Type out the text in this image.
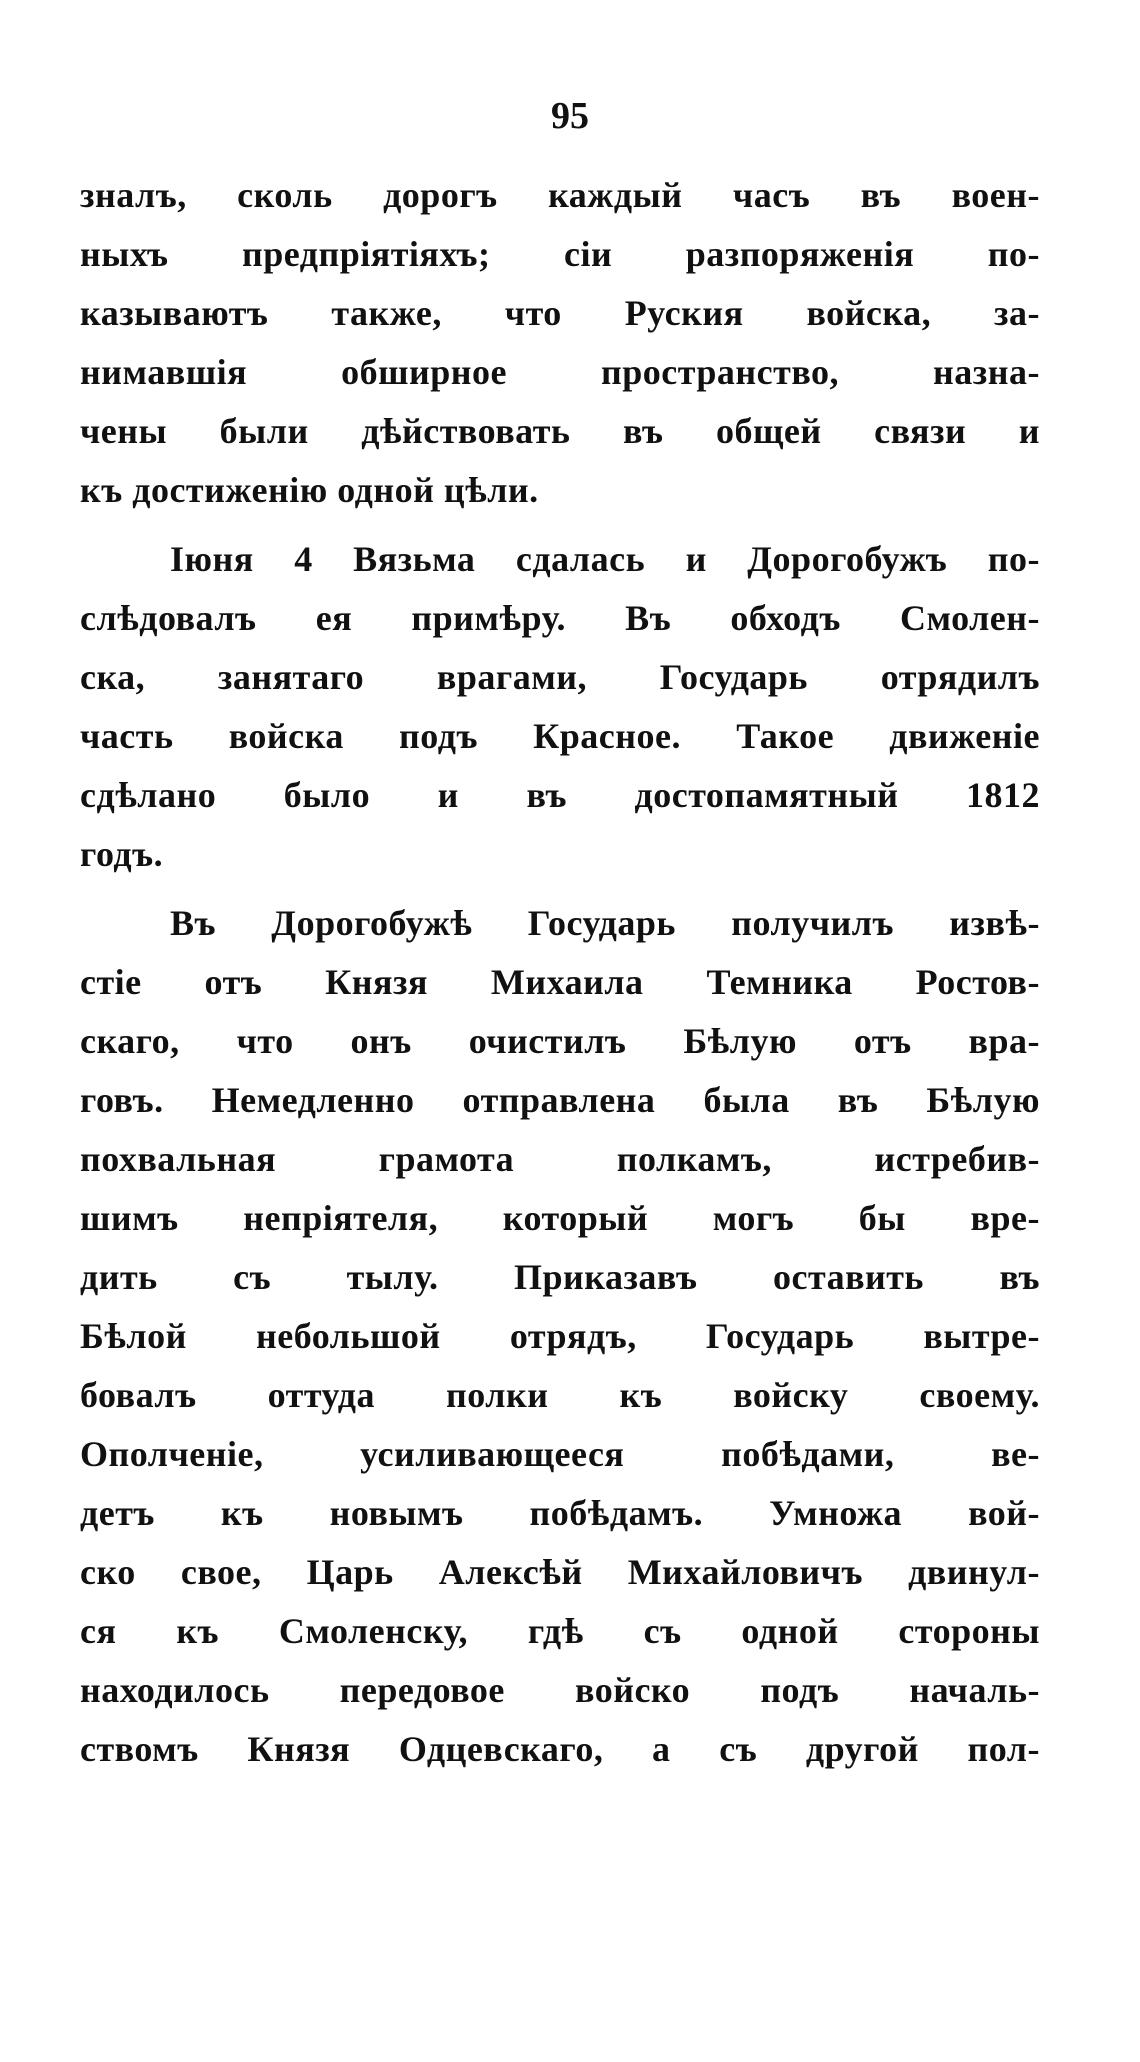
95
зналъ, сколь дорогъ каждый часъ въ воен-
ныхъ предпріятіяхъ; сіи разпоряженія по-
казываютъ также, что Руския войска, за-
нимавшія обширное пространство, назна-
чены были дѣйствовать въ общей связи и
къ достиженію одной цѣли.
Іюня 4 Вязьма сдалась и Дорогобужъ по-
слѣдовалъ ея примѣру. Въ обходъ Смолен-
ска, занятаго врагами, Государь отрядилъ
часть войска подъ Красное. Такое движеніе
сдѣлано было и въ достопамятный 1812
годъ.
Въ Дорогобужѣ Государь получилъ извѣ-
стіе отъ Князя Михаила Темника Ростов-
скаго, что онъ очистилъ Бѣлую отъ вра-
говъ. Немедленно отправлена была въ Бѣлую
похвальная грамота полкамъ, истребив-
шимъ непріятеля, который могъ бы вре-
дить съ тылу. Приказавъ оставить въ
Бѣлой небольшой отрядъ, Государь вытре-
бовалъ оттуда полки къ войску своему.
Ополченіе, усиливающееся побѣдами, ве-
детъ къ новымъ побѣдамъ. Умножа вой-
ско свое, Царь Алексѣй Михайловичъ двинул-
ся къ Смоленску, гдѣ съ одной стороны
находилось передовое войско подъ началь-
ствомъ Князя Одцевскаго, а съ другой пол-
